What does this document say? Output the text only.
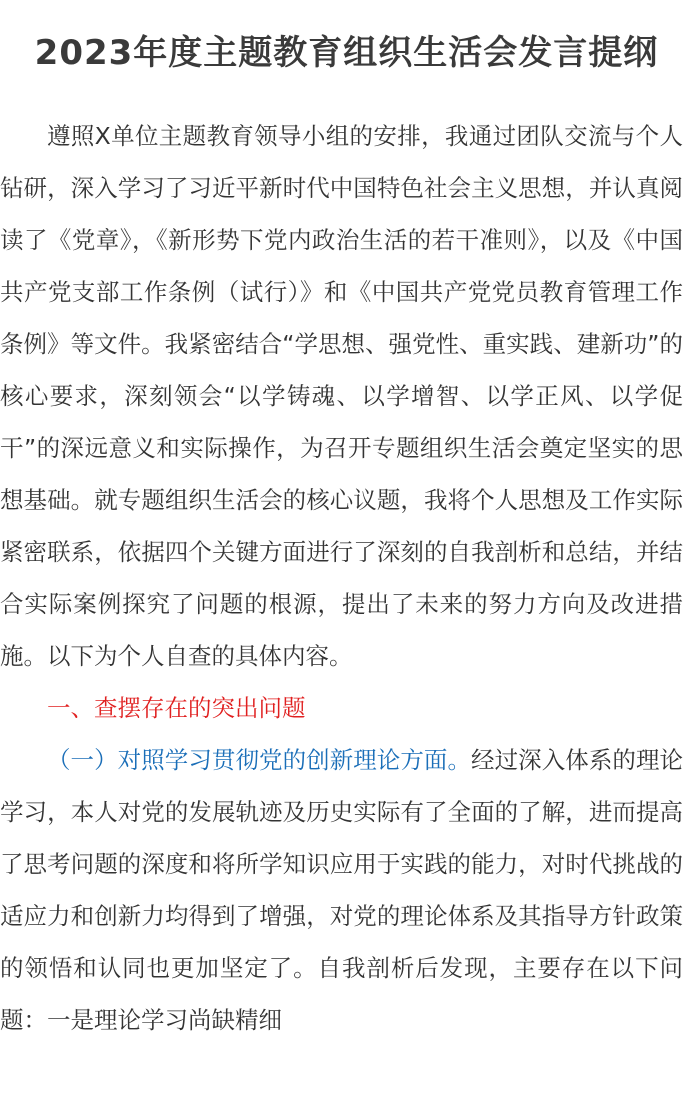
2023年度主题教育组织生活会发言提纲

遵照X单位主题教育领导小组的安排，我通过团队交流与个人钻研，深入学习了习近平新时代中国特色社会主义思想，并认真阅读了《党章》，《新形势下党内政治生活的若干准则》，以及《中国共产党支部工作条例（试行）》和《中国共产党党员教育管理工作条例》等文件。我紧密结合“学思想、强党性、重实践、建新功”的核心要求，深刻领会“以学铸魂、以学增智、以学正风、以学促干”的深远意义和实际操作，为召开专题组织生活会奠定坚实的思想基础。就专题组织生活会的核心议题，我将个人思想及工作实际紧密联系，依据四个关键方面进行了深刻的自我剖析和总结，并结合实际案例探究了问题的根源，提出了未来的努力方向及改进措施。以下为个人自查的具体内容。

一、查摆存在的突出问题

（一）对照学习贯彻党的创新理论方面。经过深入体系的理论学习，本人对党的发展轨迹及历史实际有了全面的了解，进而提高了思考问题的深度和将所学知识应用于实践的能力，对时代挑战的适应力和创新力均得到了增强，对党的理论体系及其指导方针政策的领悟和认同也更加坚定了。自我剖析后发现，主要存在以下问题：一是理论学习尚缺精细
